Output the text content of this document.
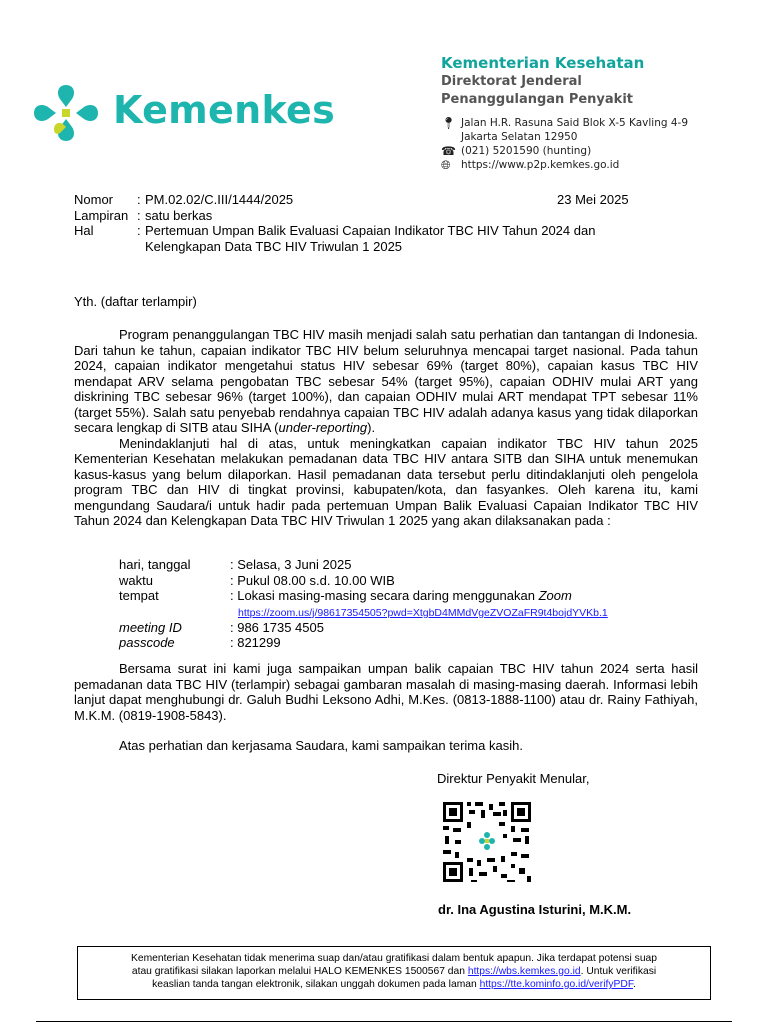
Kemenkes
Kementerian Kesehatan
Direktorat Jenderal
Penanggulangan Penyakit
📍︎ Jalan H.R. Rasuna Said Blok X-5 Kavling 4-9
Jakarta Selatan 12950
☎ (021) 5201590 (hunting)
🌐︎ https://www.p2p.kemkes.go.id
Nomor	: PM.02.02/C.III/1444/2025
Lampiran : satu berkas
Hal	: Pertemuan Umpan Balik Evaluasi Capaian Indikator TBC HIV Tahun 2024 dan
Kelengkapan Data TBC HIV Triwulan 1 2025
23 Mei 2025
Yth. (daftar terlampir)

Program penanggulangan TBC HIV masih menjadi salah satu perhatian dan tantangan di Indonesia. Dari tahun ke tahun, capaian indikator TBC HIV belum seluruhnya mencapai target nasional. Pada tahun 2024, capaian indikator mengetahui status HIV sebesar 69% (target 80%), capaian kasus TBC HIV mendapat ARV selama pengobatan TBC sebesar 54% (target 95%), capaian ODHIV mulai ART yang diskrining TBC sebesar 96% (target 100%), dan capaian ODHIV mulai ART mendapat TPT sebesar 11% (target 55%). Salah satu penyebab rendahnya capaian TBC HIV adalah adanya kasus yang tidak dilaporkan secara lengkap di SITB atau SIHA (under-reporting).

Menindaklanjuti hal di atas, untuk meningkatkan capaian indikator TBC HIV tahun 2025 Kementerian Kesehatan melakukan pemadanan data TBC HIV antara SITB dan SIHA untuk menemukan kasus-kasus yang belum dilaporkan. Hasil pemadanan data tersebut perlu ditindaklanjuti oleh pengelola program TBC dan HIV di tingkat provinsi, kabupaten/kota, dan fasyankes. Oleh karena itu, kami mengundang Saudara/i untuk hadir pada pertemuan Umpan Balik Evaluasi Capaian Indikator TBC HIV Tahun 2024 dan Kelengkapan Data TBC HIV Triwulan 1 2025 yang akan dilaksanakan pada :

hari, tanggal	: Selasa, 3 Juni 2025
waktu	: Pukul 08.00 s.d. 10.00 WIB
tempat	: Lokasi masing-masing secara daring menggunakan Zoom
https://zoom.us/j/98617354505?pwd=XtgbD4MMdVgeZVOZaFR9t4bojdYVKb.1
meeting ID	: 986 1735 4505
passcode	: 821299

Bersama surat ini kami juga sampaikan umpan balik capaian TBC HIV tahun 2024 serta hasil pemadanan data TBC HIV (terlampir) sebagai gambaran masalah di masing-masing daerah. Informasi lebih lanjut dapat menghubungi dr. Galuh Budhi Leksono Adhi, M.Kes. (0813-1888-1100) atau dr. Rainy Fathiyah, M.K.M. (0819-1908-5843).

Atas perhatian dan kerjasama Saudara, kami sampaikan terima kasih.

Direktur Penyakit Menular,
dr. Ina Agustina Isturini, M.K.M.
Kementerian Kesehatan tidak menerima suap dan/atau gratifikasi dalam bentuk apapun. Jika terdapat potensi suap
atau gratifikasi silakan laporkan melalui HALO KEMENKES 1500567 dan https://wbs.kemkes.go.id. Untuk verifikasi
keaslian tanda tangan elektronik, silakan unggah dokumen pada laman https://tte.kominfo.go.id/verifyPDF.
